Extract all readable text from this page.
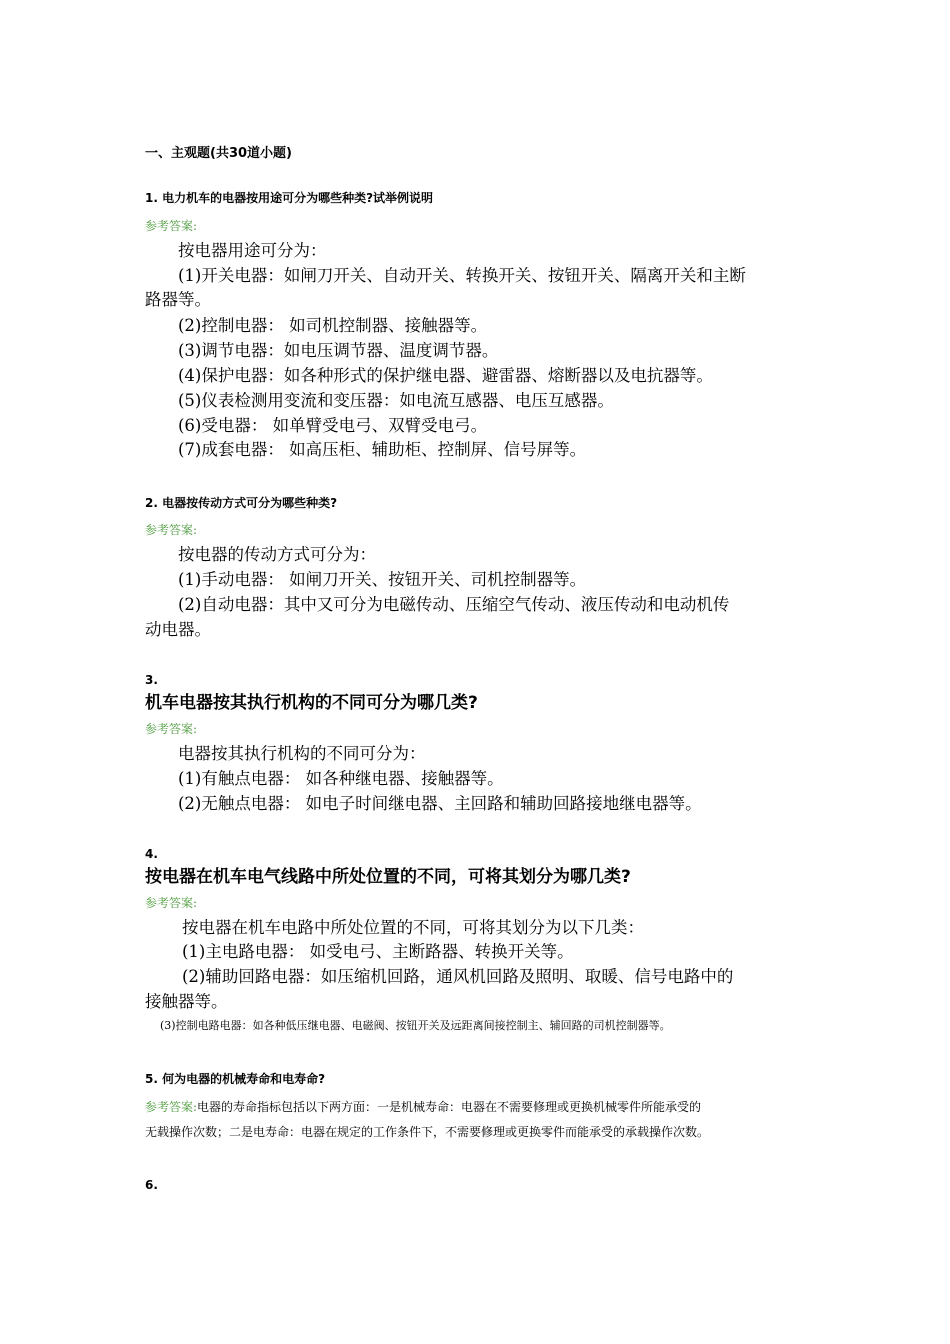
一、主观题(共30道小题)
1. 电力机车的电器按用途可分为哪些种类?试举例说明
参考答案:
按电器用途可分为：
(1)开关电器：如闸刀开关、自动开关、转换开关、按钮开关、隔离开关和主断
路器等。
(2)控制电器： 如司机控制器、接触器等。
(3)调节电器：如电压调节器、温度调节器。
(4)保护电器：如各种形式的保护继电器、避雷器、熔断器以及电抗器等。
(5)仪表检测用变流和变压器：如电流互感器、电压互感器。
(6)受电器： 如单臂受电弓、双臂受电弓。
(7)成套电器： 如高压柜、辅助柜、控制屏、信号屏等。
2. 电器按传动方式可分为哪些种类?
参考答案:
按电器的传动方式可分为：
(1)手动电器： 如闸刀开关、按钮开关、司机控制器等。
(2)自动电器：其中又可分为电磁传动、压缩空气传动、液压传动和电动机传
动电器。
3.
机车电器按其执行机构的不同可分为哪几类?
参考答案:
电器按其执行机构的不同可分为：
(1)有触点电器： 如各种继电器、接触器等。
(2)无触点电器： 如电子时间继电器、主回路和辅助回路接地继电器等。
4.
按电器在机车电气线路中所处位置的不同，可将其划分为哪几类?
参考答案:
按电器在机车电路中所处位置的不同，可将其划分为以下几类：
(1)主电路电器： 如受电弓、主断路器、转换开关等。
(2)辅助回路电器：如压缩机回路，通风机回路及照明、取暖、信号电路中的
接触器等。
(3)控制电路电器：如各种低压继电器、电磁阀、按钮开关及远距离间接控制主、辅回路的司机控制器等。
5. 何为电器的机械寿命和电寿命?
参考答案:电器的寿命指标包括以下两方面：一是机械寿命：电器在不需要修理或更换机械零件所能承受的
无载操作次数；二是电寿命：电器在规定的工作条件下，不需要修理或更换零件而能承受的承载操作次数。
6.
